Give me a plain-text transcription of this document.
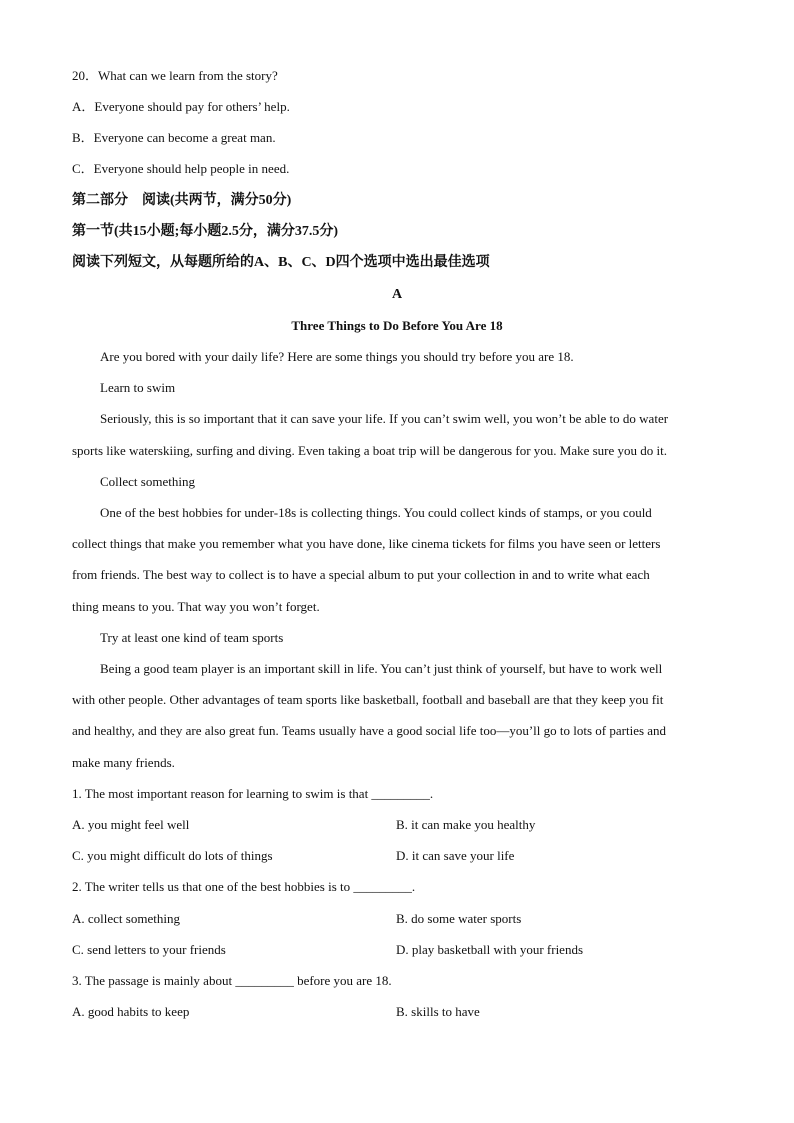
20．What can we learn from the story?
A．Everyone should pay for others’ help.
B．Everyone can become a great man.
C．Everyone should help people in need.
第二部分　阅读(共两节，满分50分)
第一节(共15小题;每小题2.5分，满分37.5分)
阅读下列短文，从每题所给的A、B、C、D四个选项中选出最佳选项
A
Three Things to Do Before You Are 18
Are you bored with your daily life? Here are some things you should try before you are 18.
Learn to swim
Seriously, this is so important that it can save your life. If you can’t swim well, you won’t be able to do water
sports like waterskiing, surfing and diving. Even taking a boat trip will be dangerous for you. Make sure you do it.
Collect something
One of the best hobbies for under-18s is collecting things. You could collect kinds of stamps, or you could
collect things that make you remember what you have done, like cinema tickets for films you have seen or letters
from friends. The best way to collect is to have a special album to put your collection in and to write what each
thing means to you. That way you won’t forget.
Try at least one kind of team sports
Being a good team player is an important skill in life. You can’t just think of yourself, but have to work well
with other people. Other advantages of team sports like basketball, football and baseball are that they keep you fit
and healthy, and they are also great fun. Teams usually have a good social life too—you’ll go to lots of parties and
make many friends.
1. The most important reason for learning to swim is that _________.
A. you might feel well	B. it can make you healthy
C. you might difficult do lots of things	D. it can save your life
2. The writer tells us that one of the best hobbies is to _________.
A. collect something	B. do some water sports
C. send letters to your friends	D. play basketball with your friends
3. The passage is mainly about _________ before you are 18.
A. good habits to keep	B. skills to have
